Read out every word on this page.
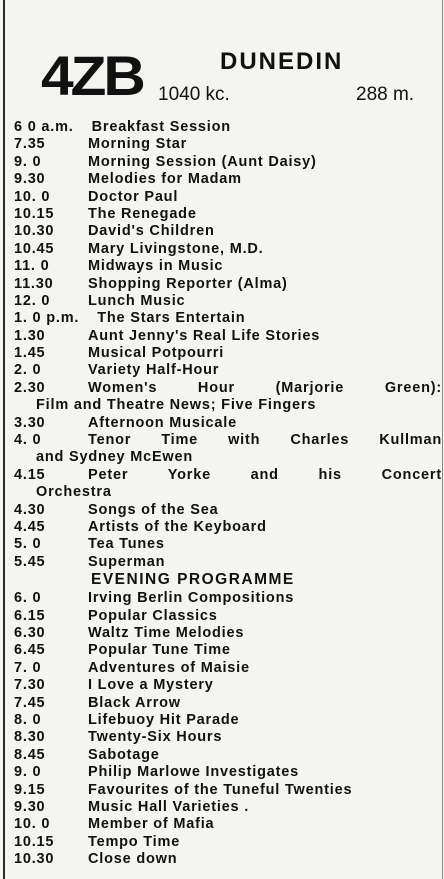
4ZB	DUNEDIN
1040 kc.	288 m.
6 0 a.m. Breakfast Session
7.35	Morning Star
9. 0	Morning Session (Aunt Daisy)
9.30	Melodies for Madam
10. 0	Doctor Paul
10.15	The Renegade
10.30	David's Children
10.45	Mary Livingstone, M.D.
11. 0	Midways in Music
11.30	Shopping Reporter (Alma)
12. 0	Lunch Music
1. 0 p.m. The Stars Entertain
1.30	Aunt Jenny's Real Life Stories
1.45	Musical Potpourri
2. 0	Variety Half-Hour
2.30	Women's Hour (Marjorie Green):
Film and Theatre News; Five Fingers
3.30	Afternoon Musicale
4. 0	Tenor Time with Charles Kullman
and Sydney McEwen
4.15	Peter Yorke and his Concert
Orchestra
4.30	Songs of the Sea
4.45	Artists of the Keyboard
5. 0	Tea Tunes
5.45	Superman
EVENING PROGRAMME
6. 0	Irving Berlin Compositions
6.15	Popular Classics
6.30	Waltz Time Melodies
6.45	Popular Tune Time
7. 0	Adventures of Maisie
7.30	I Love a Mystery
7.45	Black Arrow
8. 0	Lifebuoy Hit Parade
8.30	Twenty-Six Hours
8.45	Sabotage
9. 0	Philip Marlowe Investigates
9.15	Favourites of the Tuneful Twenties
9.30	Music Hall Varieties .
10. 0	Member of Mafia
10.15	Tempo Time
10.30	Close down
